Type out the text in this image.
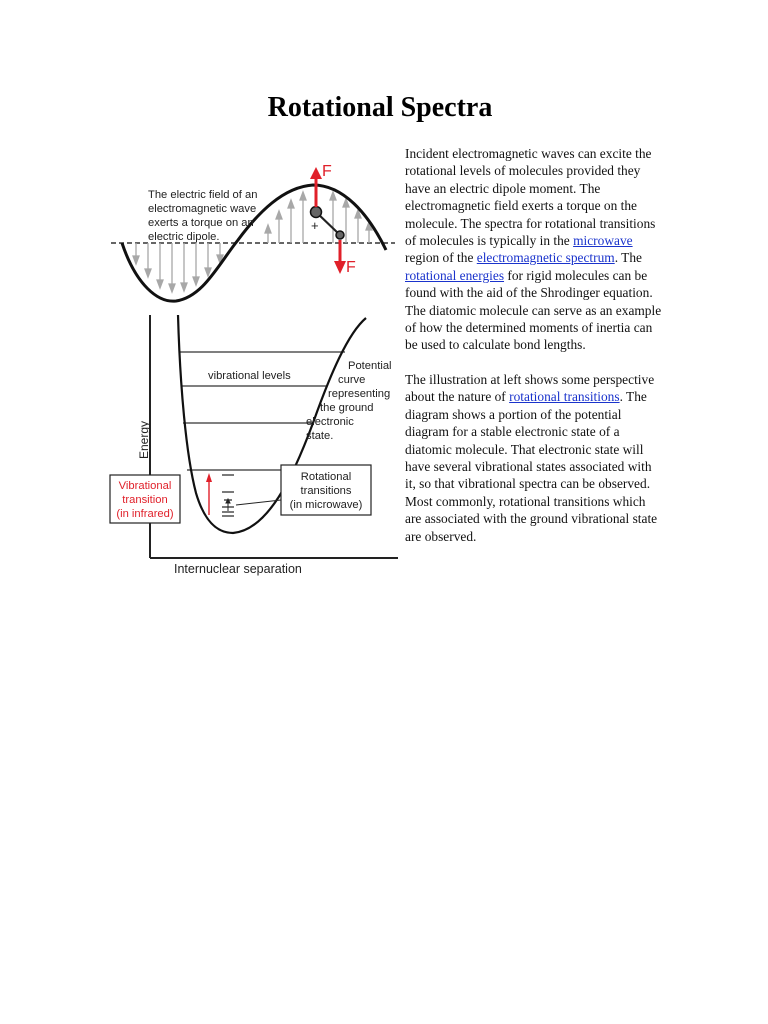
Rotational Spectra
+
F
F
The electric field of an
electromagnetic wave
exerts a torque on an
electric dipole.
Energy
Internuclear separation
vibrational levels
Potential
curve
representing
the ground
electronic
state.
Rotational
transitions
(in microwave)
Vibrational
transition
(in infrared)

Incident electromagnetic waves can excite the rotational levels of molecules provided they have an electric dipole moment. The electromagnetic field exerts a torque on the molecule. The spectra for rotational transitions of molecules is typically in the microwave region of the electromagnetic spectrum. The rotational energies for rigid molecules can be found with the aid of the Shrodinger equation. The diatomic molecule can serve as an example of how the determined moments of inertia can be used to calculate bond lengths.

The illustration at left shows some perspective about the nature of rotational transitions. The diagram shows a portion of the potential diagram for a stable electronic state of a diatomic molecule. That electronic state will have several vibrational states associated with it, so that vibrational spectra can be observed. Most commonly, rotational transitions which are associated with the ground vibrational state are observed.
